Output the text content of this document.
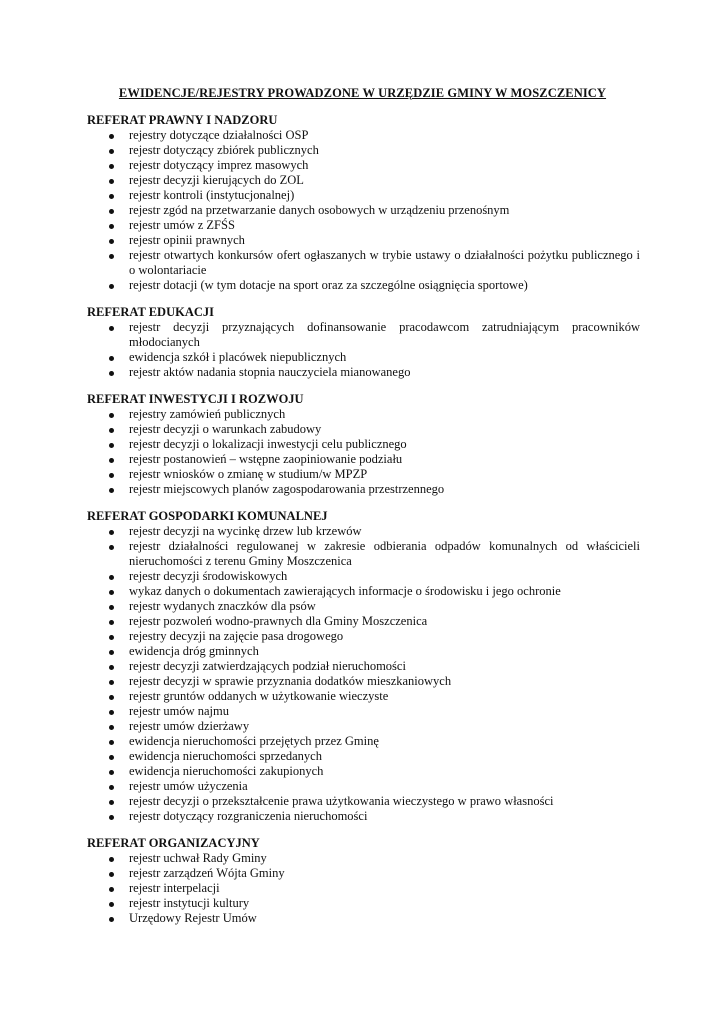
EWIDENCJE/REJESTRY PROWADZONE W URZĘDZIE GMINY W MOSZCZENICY
REFERAT PRAWNY I NADZORU
rejestry dotyczące działalności OSP
rejestr dotyczący zbiórek publicznych
rejestr dotyczący imprez masowych
rejestr decyzji kierujących do ZOL
rejestr kontroli (instytucjonalnej)
rejestr zgód na przetwarzanie danych osobowych w urządzeniu przenośnym
rejestr umów z ZFŚS
rejestr opinii prawnych
rejestr otwartych konkursów ofert ogłaszanych w trybie ustawy o działalności pożytku publicznego i o wolontariacie
rejestr dotacji (w tym dotacje na sport oraz za szczególne osiągnięcia sportowe)
REFERAT EDUKACJI
rejestr decyzji przyznających dofinansowanie pracodawcom zatrudniającym pracowników młodocianych
ewidencja szkół i placówek niepublicznych
rejestr aktów nadania stopnia nauczyciela mianowanego
REFERAT INWESTYCJI I ROZWOJU
rejestry zamówień publicznych
rejestr decyzji o warunkach zabudowy
rejestr decyzji o lokalizacji inwestycji celu publicznego
rejestr postanowień – wstępne zaopiniowanie podziału
rejestr wniosków o zmianę w studium/w MPZP
rejestr miejscowych planów zagospodarowania przestrzennego
REFERAT GOSPODARKI KOMUNALNEJ
rejestr decyzji na wycinkę drzew lub krzewów
rejestr działalności regulowanej w zakresie odbierania odpadów komunalnych od właścicieli nieruchomości z terenu Gminy Moszczenica
rejestr decyzji środowiskowych
wykaz danych o dokumentach zawierających informacje o środowisku i jego ochronie
rejestr wydanych znaczków dla psów
rejestr pozwoleń wodno-prawnych dla Gminy Moszczenica
rejestry decyzji na zajęcie pasa drogowego
ewidencja dróg gminnych
rejestr decyzji zatwierdzających podział nieruchomości
rejestr decyzji w sprawie przyznania dodatków mieszkaniowych
rejestr gruntów oddanych w użytkowanie wieczyste
rejestr umów najmu
rejestr umów dzierżawy
ewidencja nieruchomości przejętych przez Gminę
ewidencja nieruchomości sprzedanych
ewidencja nieruchomości zakupionych
rejestr umów użyczenia
rejestr decyzji o przekształcenie prawa użytkowania wieczystego w prawo własności
rejestr dotyczący rozgraniczenia nieruchomości
REFERAT ORGANIZACYJNY
rejestr uchwał Rady Gminy
rejestr zarządzeń Wójta Gminy
rejestr interpelacji
rejestr instytucji kultury
Urzędowy Rejestr Umów
